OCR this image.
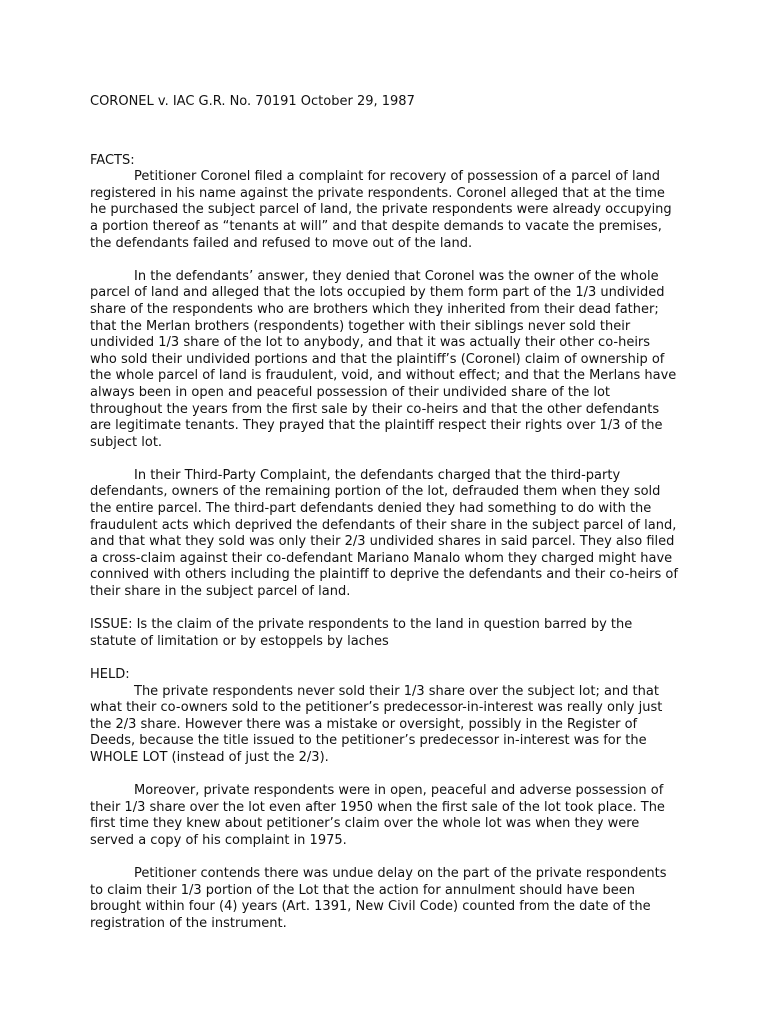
CORONEL v. IAC G.R. No. 70191 October 29, 1987

FACTS:

Petitioner Coronel filed a complaint for recovery of possession of a parcel of land registered in his name against the private respondents. Coronel alleged that at the time he purchased the subject parcel of land, the private respondents were already occupying a portion thereof as “tenants at will” and that despite demands to vacate the premises, the defendants failed and refused to move out of the land.

In the defendants’ answer, they denied that Coronel was the owner of the whole parcel of land and alleged that the lots occupied by them form part of the 1/3 undivided share of the respondents who are brothers which they inherited from their dead father; that the Merlan brothers (respondents) together with their siblings never sold their undivided 1/3 share of the lot to anybody, and that it was actually their other co-heirs who sold their undivided portions and that the plaintiff’s (Coronel) claim of ownership of the whole parcel of land is fraudulent, void, and without effect; and that the Merlans have always been in open and peaceful possession of their undivided share of the lot throughout the years from the first sale by their co-heirs and that the other defendants are legitimate tenants. They prayed that the plaintiff respect their rights over 1/3 of the subject lot.

In their Third-Party Complaint, the defendants charged that the third-party defendants, owners of the remaining portion of the lot, defrauded them when they sold the entire parcel. The third-part defendants denied they had something to do with the fraudulent acts which deprived the defendants of their share in the subject parcel of land, and that what they sold was only their 2/3 undivided shares in said parcel. They also filed a cross-claim against their co-defendant Mariano Manalo whom they charged might have connived with others including the plaintiff to deprive the defendants and their co-heirs of their share in the subject parcel of land.

ISSUE: Is the claim of the private respondents to the land in question barred by the statute of limitation or by estoppels by laches

HELD:

The private respondents never sold their 1/3 share over the subject lot; and that what their co-owners sold to the petitioner’s predecessor-in-interest was really only just the 2/3 share. However there was a mistake or oversight, possibly in the Register of Deeds, because the title issued to the petitioner’s predecessor in-interest was for the WHOLE LOT (instead of just the 2/3).

Moreover, private respondents were in open, peaceful and adverse possession of their 1/3 share over the lot even after 1950 when the first sale of the lot took place. The first time they knew about petitioner’s claim over the whole lot was when they were served a copy of his complaint in 1975.

Petitioner contends there was undue delay on the part of the private respondents to claim their 1/3 portion of the Lot that the action for annulment should have been brought within four (4) years (Art. 1391, New Civil Code) counted from the date of the registration of the instrument.
